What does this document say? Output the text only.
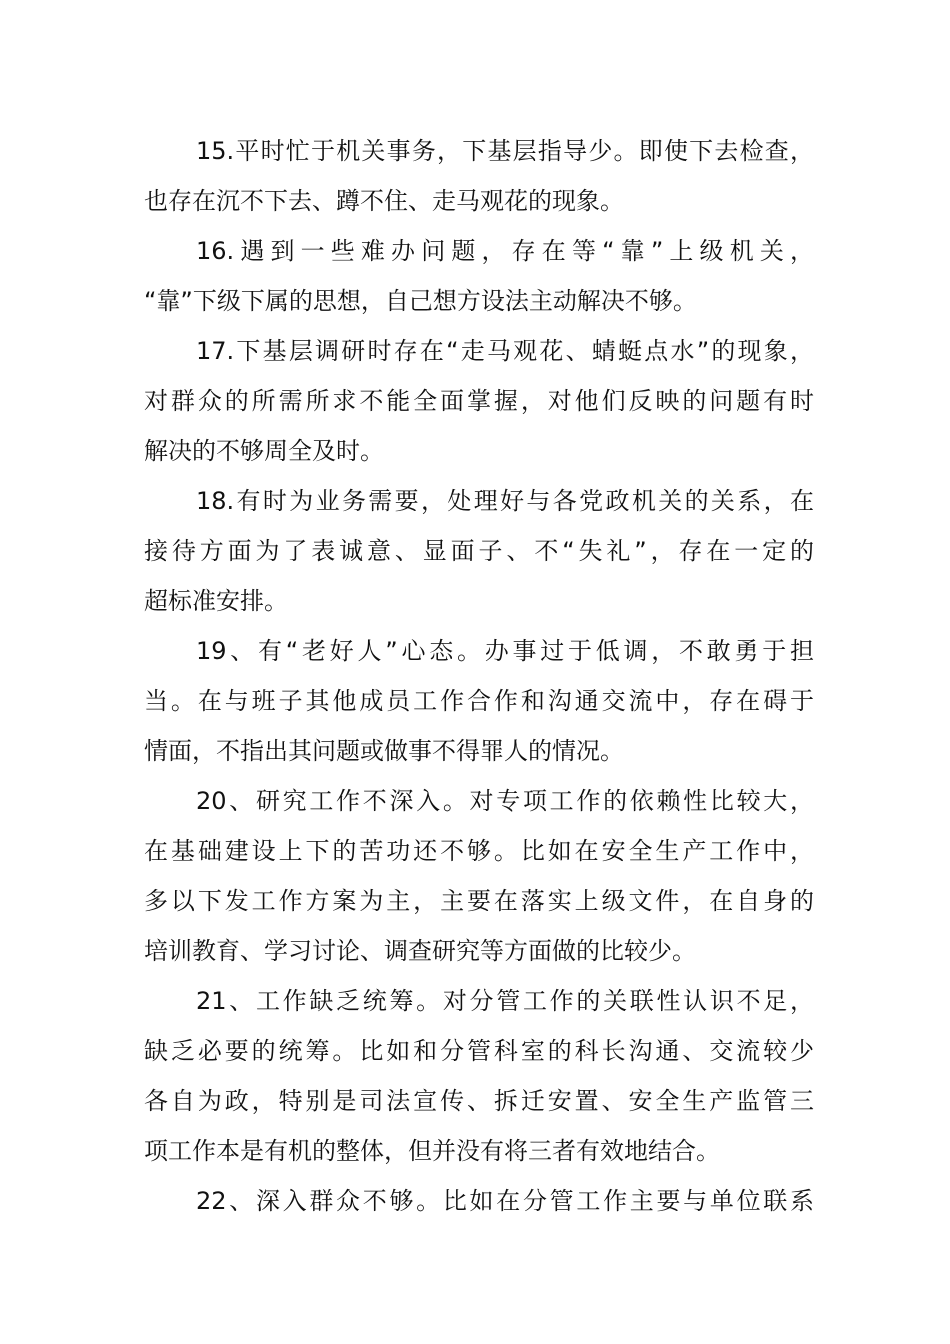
15.平时忙于机关事务，下基层指导少。即使下去检查，
也存在沉不下去、蹲不住、走马观花的现象。
16.遇到一些难办问题，存在等“靠”上级机关，
“靠”下级下属的思想，自己想方设法主动解决不够。
17.下基层调研时存在“走马观花、蜻蜓点水”的现象，
对群众的所需所求不能全面掌握，对他们反映的问题有时
解决的不够周全及时。
18.有时为业务需要，处理好与各党政机关的关系，在
接待方面为了表诚意、显面子、不“失礼”，存在一定的
超标准安排。
19、有“老好人”心态。办事过于低调，不敢勇于担
当。在与班子其他成员工作合作和沟通交流中，存在碍于
情面，不指出其问题或做事不得罪人的情况。
20、研究工作不深入。对专项工作的依赖性比较大，
在基础建设上下的苦功还不够。比如在安全生产工作中，
多以下发工作方案为主，主要在落实上级文件，在自身的
培训教育、学习讨论、调查研究等方面做的比较少。
21、工作缺乏统筹。对分管工作的关联性认识不足，
缺乏必要的统筹。比如和分管科室的科长沟通、交流较少
各自为政，特别是司法宣传、拆迁安置、安全生产监管三
项工作本是有机的整体，但并没有将三者有效地结合。
22、深入群众不够。比如在分管工作主要与单位联系
